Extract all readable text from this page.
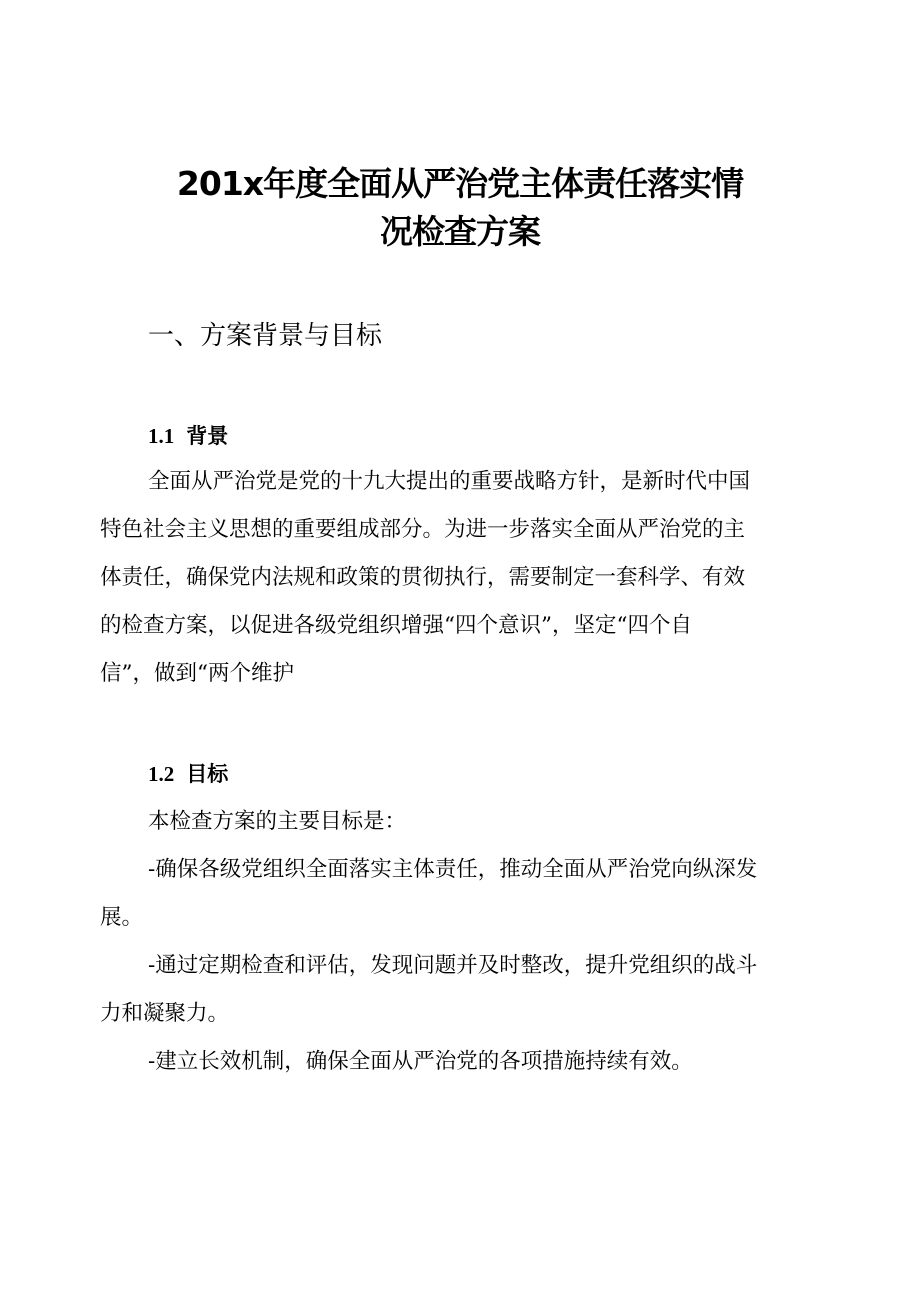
201x年度全面从严治党主体责任落实情
况检查方案
一、方案背景与目标
1.1 背景
全面从严治党是党的十九大提出的重要战略方针，是新时代中国
特色社会主义思想的重要组成部分。为进一步落实全面从严治党的主
体责任，确保党内法规和政策的贯彻执行，需要制定一套科学、有效
的检查方案，以促进各级党组织增强“四个意识”，坚定“四个自
信”，做到“两个维护
1.2 目标
本检查方案的主要目标是：
-确保各级党组织全面落实主体责任，推动全面从严治党向纵深发
展。
-通过定期检查和评估，发现问题并及时整改，提升党组织的战斗
力和凝聚力。
-建立长效机制，确保全面从严治党的各项措施持续有效。
